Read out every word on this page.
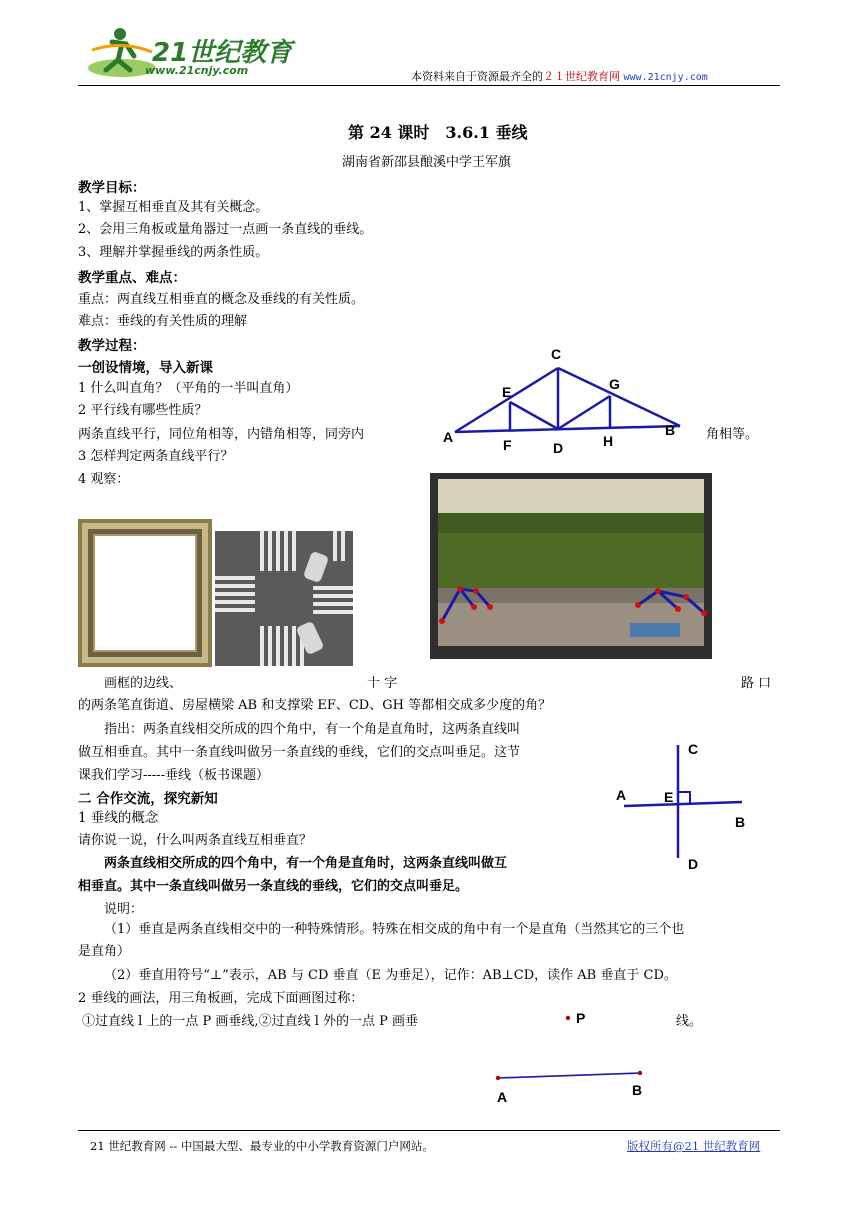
21世纪教育
www.21cnjy.com	本资料来自于资源最齐全的２１世纪教育网 www.21cnjy.com
第 24 课时　3.6.1 垂线
湖南省新邵县酿溪中学王军旗
教学目标：
1、掌握互相垂直及其有关概念。
2、会用三角板或量角器过一点画一条直线的垂线。
3、理解并掌握垂线的两条性质。
教学重点、难点：
重点：两直线互相垂直的概念及垂线的有关性质。
难点：垂线的有关性质的理解
教学过程：
一创设情境，导入新课
1 什么叫直角？（平角的一半叫直角）
2 平行线有哪些性质？
两条直线平行，同位角相等，内错角相等，同旁内	角相等。
3 怎样判定两条直线平行？
4 观察：
C
E	G
A	B
F	D	H
画框的边线、	十 字	路 口
的两条笔直街道、房屋横梁 AB 和支撑梁 EF、CD、GH 等都相交成多少度的角？
指出：两条直线相交所成的四个角中，有一个角是直角时，这两条直线叫
做互相垂直。其中一条直线叫做另一条直线的垂线，它们的交点叫垂足。这节
课我们学习-----垂线（板书课题）
C
A	E
B
D
二 合作交流，探究新知
1 垂线的概念
请你说一说，什么叫两条直线互相垂直？
两条直线相交所成的四个角中，有一个角是直角时，这两条直线叫做互
相垂直。其中一条直线叫做另一条直线的垂线，它们的交点叫垂足。
说明：
（1）垂直是两条直线相交中的一种特殊情形。特殊在相交成的角中有一个是直角（当然其它的三个也
是直角）
（2）垂直用符号“⊥”表示，AB 与 CD 垂直（E 为垂足），记作：AB⊥CD，读作 AB 垂直于 CD。
2 垂线的画法，用三角板画，完成下面画图过称：
①过直线 l 上的一点 P 画垂线,②过直线 l 外的一点 P 画垂	线。
P
A	B
21 世纪教育网 -- 中国最大型、最专业的中小学教育资源门户网站。	版权所有@21 世纪教育网
